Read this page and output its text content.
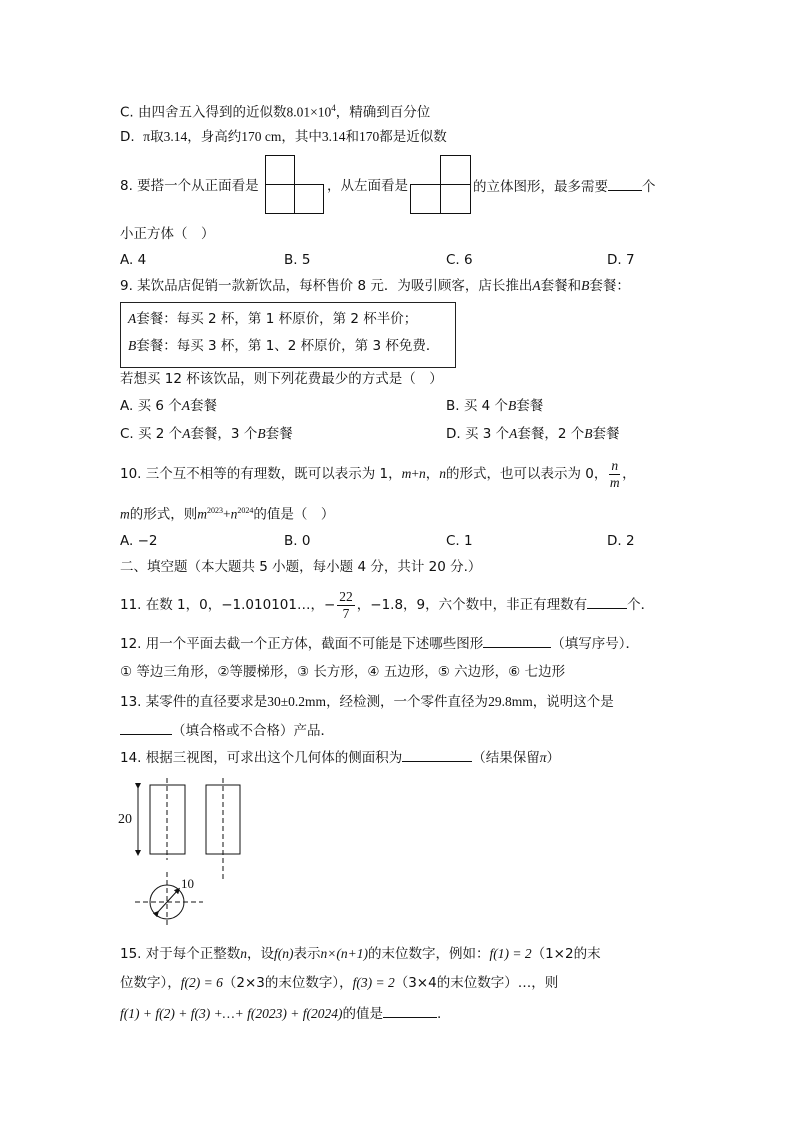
C. 由四舍五入得到的近似数$8.01\times 10^4$，精确到百分位
D. π取3.14，身高约170 cm，其中3.14和170都是近似数
8. 要搭一个从正面看是	，从左面看是	的立体图形，最多需要	个
小正方体（　）
A. 4	B. 5	C. 6	D. 7
9. 某饮品店促销一款新饮品，每杯售价 8 元．为吸引顾客，店长推出A套餐和B套餐：
A套餐：每买 2 杯，第 1 杯原价，第 2 杯半价；
B套餐：每买 3 杯，第 1、2 杯原价，第 3 杯免费．
若想买 12 杯该饮品，则下列花费最少的方式是（　）
A. 买 6 个A套餐	B. 买 4 个B套餐
C. 买 2 个A套餐，3 个B套餐	D. 买 3 个A套餐，2 个B套餐
10. 三个互不相等的有理数，既可以表示为 1，m+n，n的形式，也可以表示为 0， $\frac{n}{m}$ ，
m的形式，则$m^{2023}+n^{2024}$的值是（　）
A. −2	B. 0	C. 1	D. 2
二、填空题（本大题共 5 小题，每小题 4 分，共计 20 分.）
11. 在数 1，0，−1.010101…，− $\frac{22}{7}$ ，−1.8，9，六个数中，非正有理数有	个．
12. 用一个平面去截一个正方体，截面不可能是下述哪些图形	（填写序号）．
① 等边三角形，②等腰梯形，③ 长方形，④ 五边形，⑤ 六边形，⑥ 七边形
13. 某零件的直径要求是30±0.2mm，经检测，一个零件直径为29.8mm，说明这个是
（填合格或不合格）产品．
14. 根据三视图，可求出这个几何体的侧面积为	（结果保留π）
20
10
15. 对于每个正整数n，设f(n)表示n×(n+1)的末位数字，例如：f(1) = 2（1×2的末
位数字），f(2) = 6（2×3的末位数字），f(3) = 2（3×4的末位数字）…，则
f(1) + f(2) + f(3) +…+ f(2023) + f(2024)的值是	.
